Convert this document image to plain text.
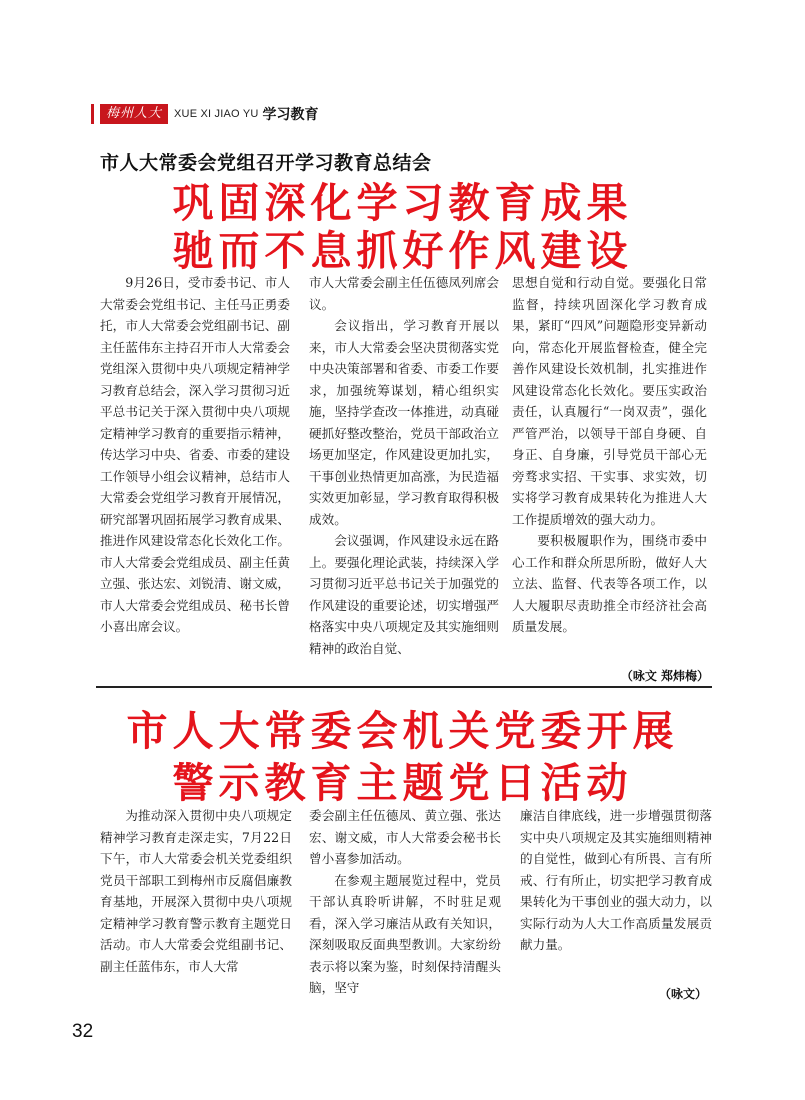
梅州人大	XUE XI JIAO YU 学习教育
市人大常委会党组召开学习教育总结会
巩固深化学习教育成果
驰而不息抓好作风建设

9月26日，受市委书记、市人大常委会党组书记、主任马正勇委托，市人大常委会党组副书记、副主任蓝伟东主持召开市人大常委会党组深入贯彻中央八项规定精神学习教育总结会，深入学习贯彻习近平总书记关于深入贯彻中央八项规定精神学习教育的重要指示精神，传达学习中央、省委、市委的建设工作领导小组会议精神，总结市人大常委会党组学习教育开展情况，研究部署巩固拓展学习教育成果、推进作风建设常态化长效化工作。市人大常委会党组成员、副主任黄立强、张达宏、刘锐清、谢文威，市人大常委会党组成员、秘书长曾小喜出席会议。

市人大常委会副主任伍德凤列席会议。

会议指出，学习教育开展以来，市人大常委会坚决贯彻落实党中央决策部署和省委、市委工作要求，加强统筹谋划，精心组织实施，坚持学查改一体推进，动真碰硬抓好整改整治，党员干部政治立场更加坚定，作风建设更加扎实，干事创业热情更加高涨，为民造福实效更加彰显，学习教育取得积极成效。

会议强调，作风建设永远在路上。要强化理论武装，持续深入学习贯彻习近平总书记关于加强党的作风建设的重要论述，切实增强严格落实中央八项规定及其实施细则精神的政治自觉、

思想自觉和行动自觉。要强化日常监督，持续巩固深化学习教育成果，紧盯“四风”问题隐形变异新动向，常态化开展监督检查，健全完善作风建设长效机制，扎实推进作风建设常态化长效化。要压实政治责任，认真履行“一岗双责”，强化严管严治，以领导干部自身硬、自身正、自身廉，引导党员干部心无旁骛求实招、干实事、求实效，切实将学习教育成果转化为推进人大工作提质增效的强大动力。

要积极履职作为，围绕市委中心工作和群众所思所盼，做好人大立法、监督、代表等各项工作，以人大履职尽责助推全市经济社会高质量发展。

（咏文 郑炜梅）
市人大常委会机关党委开展
警示教育主题党日活动

为推动深入贯彻中央八项规定精神学习教育走深走实，7月22日下午，市人大常委会机关党委组织党员干部职工到梅州市反腐倡廉教育基地，开展深入贯彻中央八项规定精神学习教育警示教育主题党日活动。市人大常委会党组副书记、副主任蓝伟东，市人大常

委会副主任伍德凤、黄立强、张达宏、谢文威，市人大常委会秘书长曾小喜参加活动。

在参观主题展览过程中，党员干部认真聆听讲解，不时驻足观看，深入学习廉洁从政有关知识，深刻吸取反面典型教训。大家纷纷表示将以案为鉴，时刻保持清醒头脑，坚守

廉洁自律底线，进一步增强贯彻落实中央八项规定及其实施细则精神的自觉性，做到心有所畏、言有所戒、行有所止，切实把学习教育成果转化为干事创业的强大动力，以实际行动为人大工作高质量发展贡献力量。

（咏文）
32
